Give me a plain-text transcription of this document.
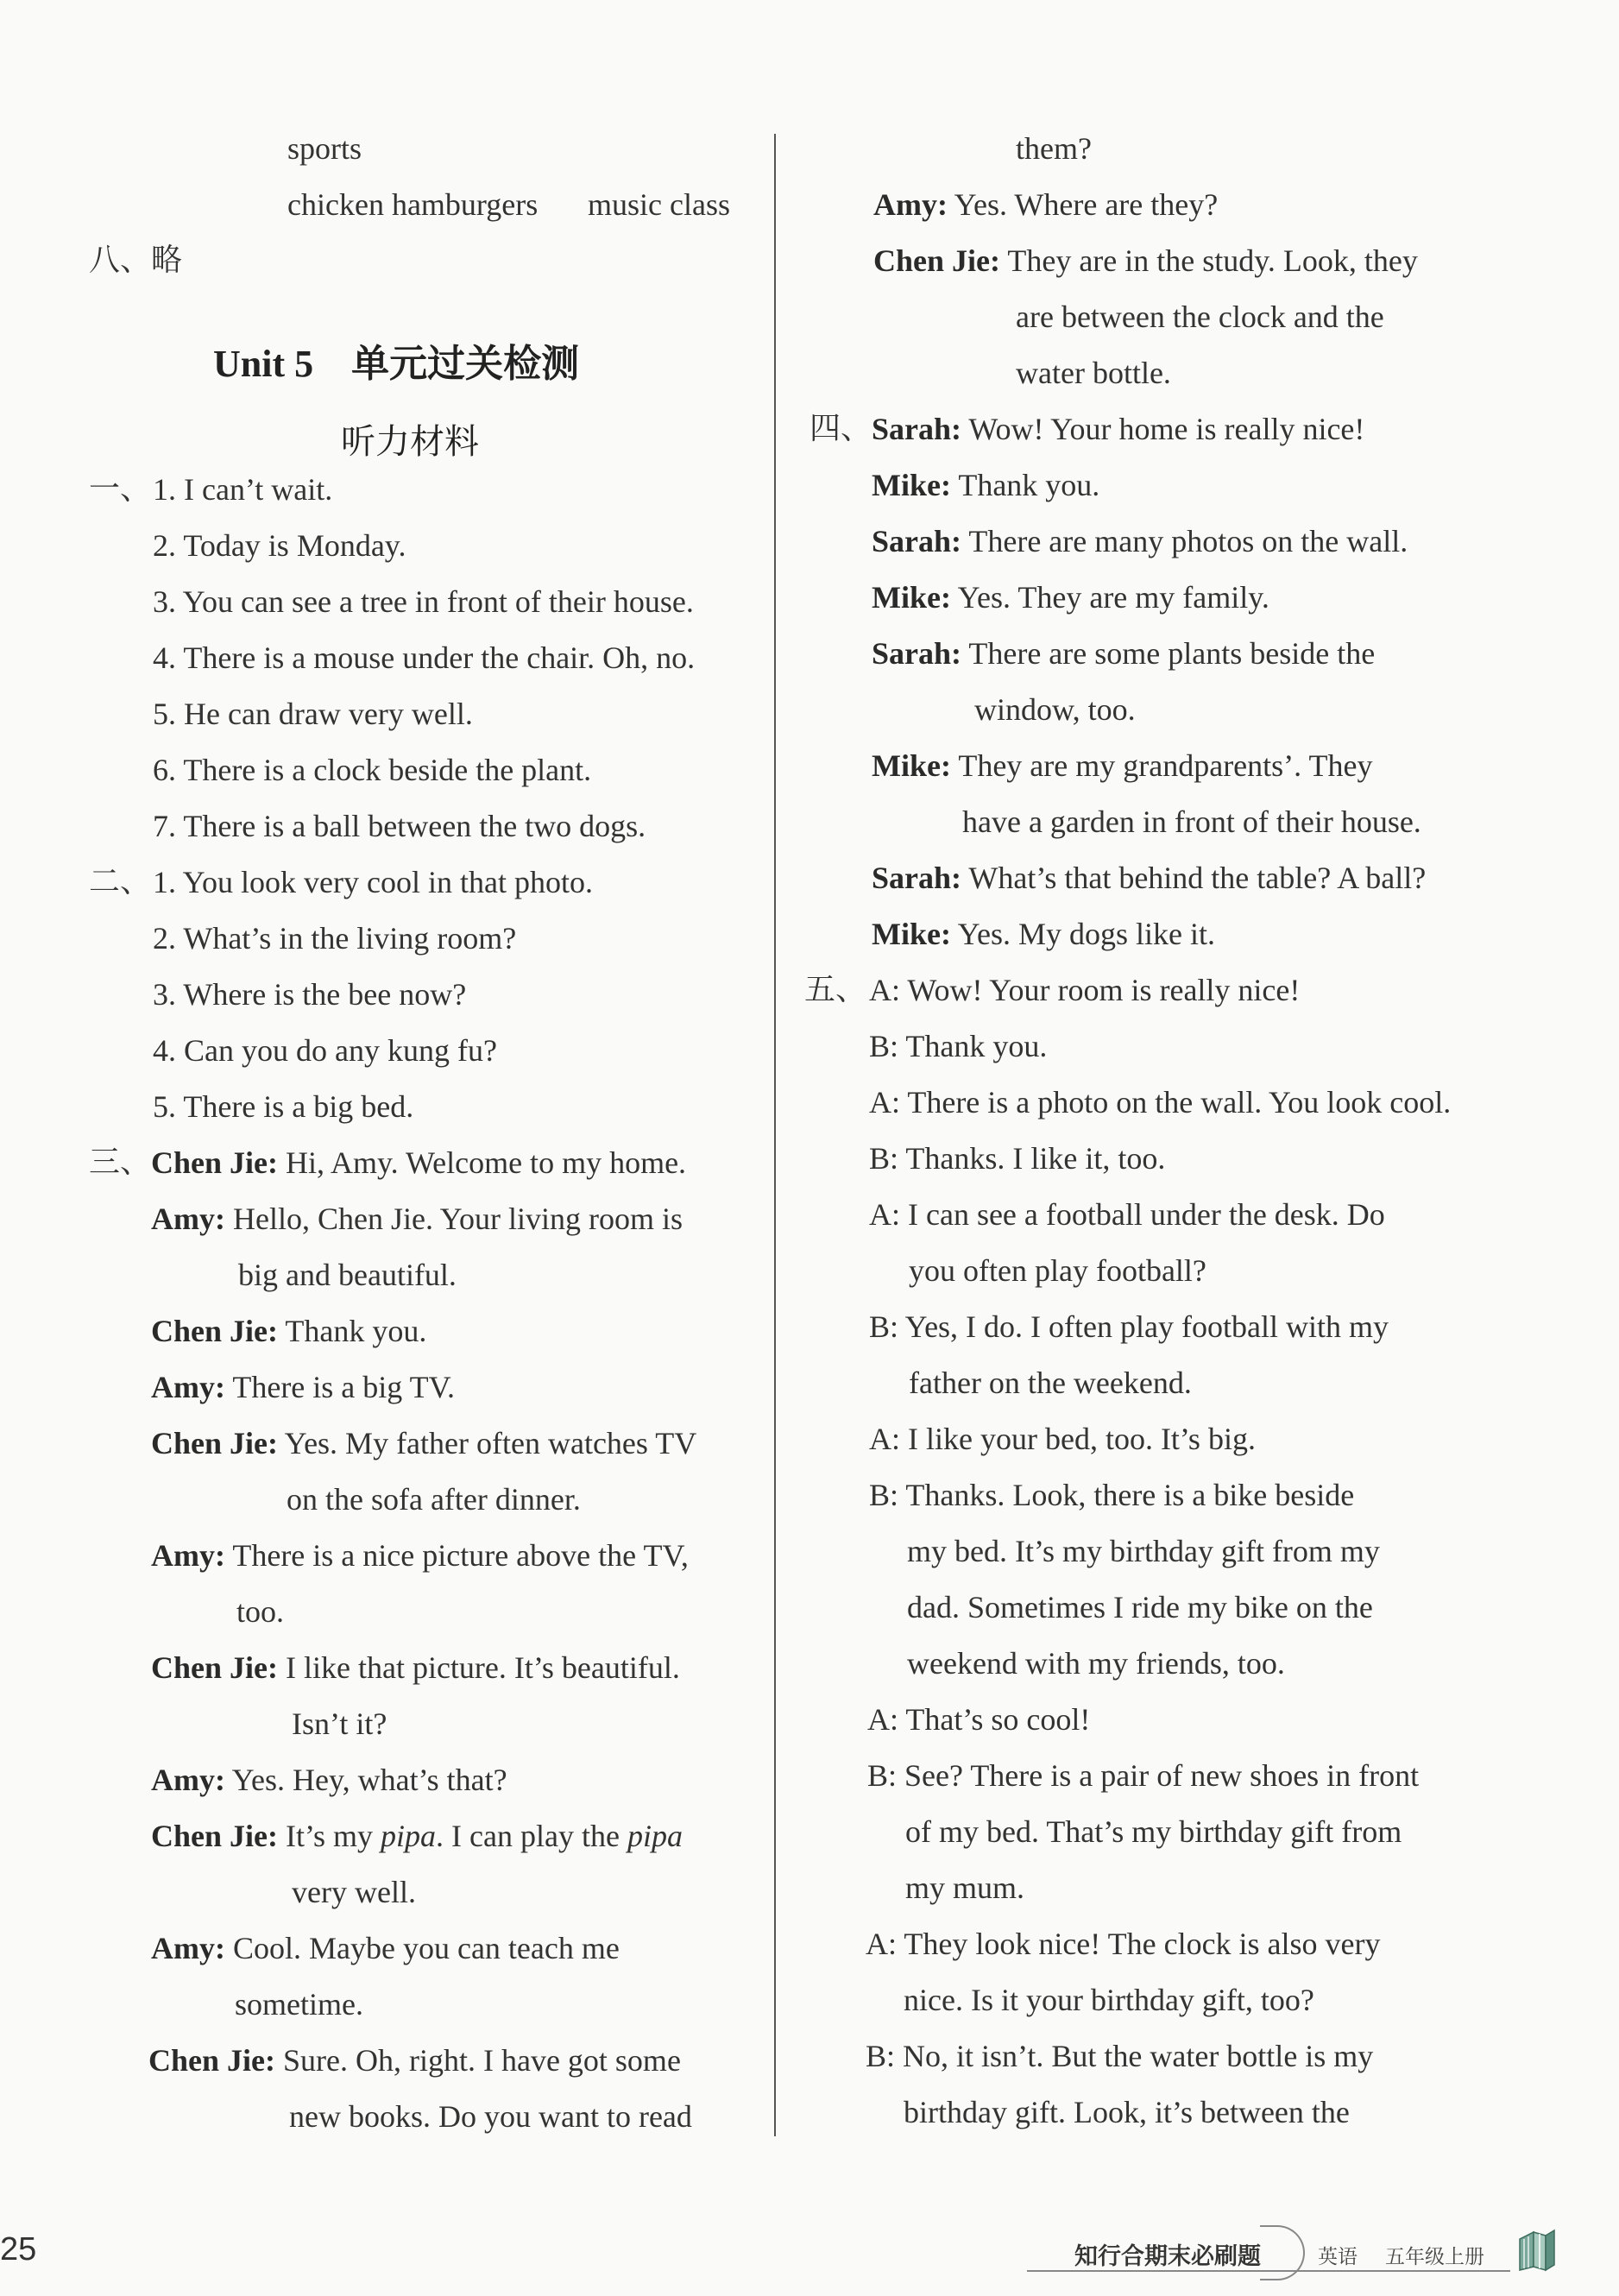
sports
chicken hamburgers music class
八、略
Unit 5 单元过关检测
听力材料
一、 1. I can’t wait.
2. Today is Monday.
3. You can see a tree in front of their house.
4. There is a mouse under the chair. Oh, no.
5. He can draw very well.
6. There is a clock beside the plant.
7. There is a ball between the two dogs.
二、 1. You look very cool in that photo.
2. What’s in the living room?
3. Where is the bee now?
4. Can you do any kung fu?
5. There is a big bed.
三、 Chen Jie: Hi, Amy. Welcome to my home.
Amy: Hello, Chen Jie. Your living room is
big and beautiful.
Chen Jie: Thank you.
Amy: There is a big TV.
Chen Jie: Yes. My father often watches TV
on the sofa after dinner.
Amy: There is a nice picture above the TV,
too.
Chen Jie: I like that picture. It’s beautiful.
Isn’t it?
Amy: Yes. Hey, what’s that?
Chen Jie: It’s my pipa. I can play the pipa
very well.
Amy: Cool. Maybe you can teach me
sometime.
Chen Jie: Sure. Oh, right. I have got some
new books. Do you want to read
them?
Amy: Yes. Where are they?
Chen Jie: They are in the study. Look, they
are between the clock and the
water bottle.
四、 Sarah: Wow! Your home is really nice!
Mike: Thank you.
Sarah: There are many photos on the wall.
Mike: Yes. They are my family.
Sarah: There are some plants beside the
window, too.
Mike: They are my grandparents’. They
have a garden in front of their house.
Sarah: What’s that behind the table? A ball?
Mike: Yes. My dogs like it.
五、 A: Wow! Your room is really nice!
B: Thank you.
A: There is a photo on the wall. You look cool.
B: Thanks. I like it, too.
A: I can see a football under the desk. Do
you often play football?
B: Yes, I do. I often play football with my
father on the weekend.
A: I like your bed, too. It’s big.
B: Thanks. Look, there is a bike beside
my bed. It’s my birthday gift from my
dad. Sometimes I ride my bike on the
weekend with my friends, too.
A: That’s so cool!
B: See? There is a pair of new shoes in front
of my bed. That’s my birthday gift from
my mum.
A: They look nice! The clock is also very
nice. Is it your birthday gift, too?
B: No, it isn’t. But the water bottle is my
birthday gift. Look, it’s between the
25	知行合期末必刷题	英语 五年级上册
